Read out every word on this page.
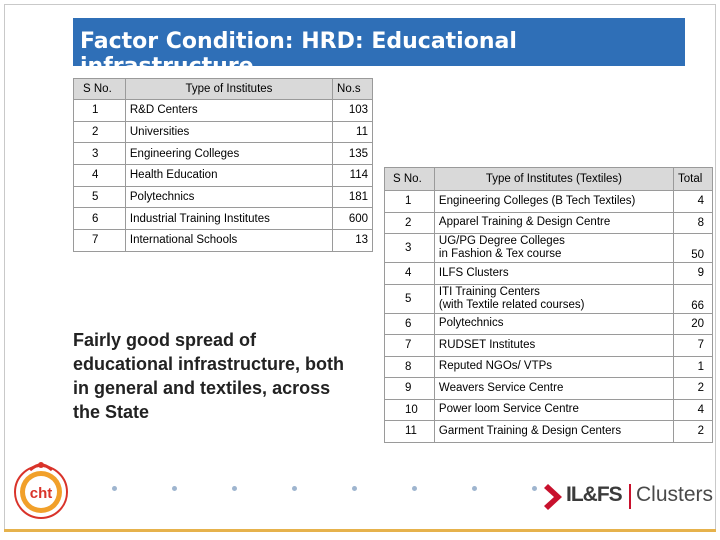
Factor Condition: HRD: Educational infrastructure
S No.	Type of Institutes	No.s
1	R&D Centers	103
2	Universities	11
3	Engineering Colleges	135
4	Health Education	114
5	Polytechnics	181
6	Industrial Training Institutes	600
7	International Schools	13
S No.	Type of Institutes (Textiles)	Total
1	Engineering Colleges (B Tech Textiles)	4
2	Apparel Training & Design Centre	8
3	UG/PG Degree Colleges
in Fashion & Tex course	50
4	ILFS Clusters	9
5	ITI Training Centers
(with Textile related courses)	66
6	Polytechnics	20
7	RUDSET Institutes	7
8	Reputed NGOs/ VTPs	1
9	Weavers Service Centre	2
10	Power loom Service Centre	4
11	Garment Training & Design Centers	2
Fairly good spread of educational infrastructure, both in general and textiles, across the State
cht	IL&FS Clusters
